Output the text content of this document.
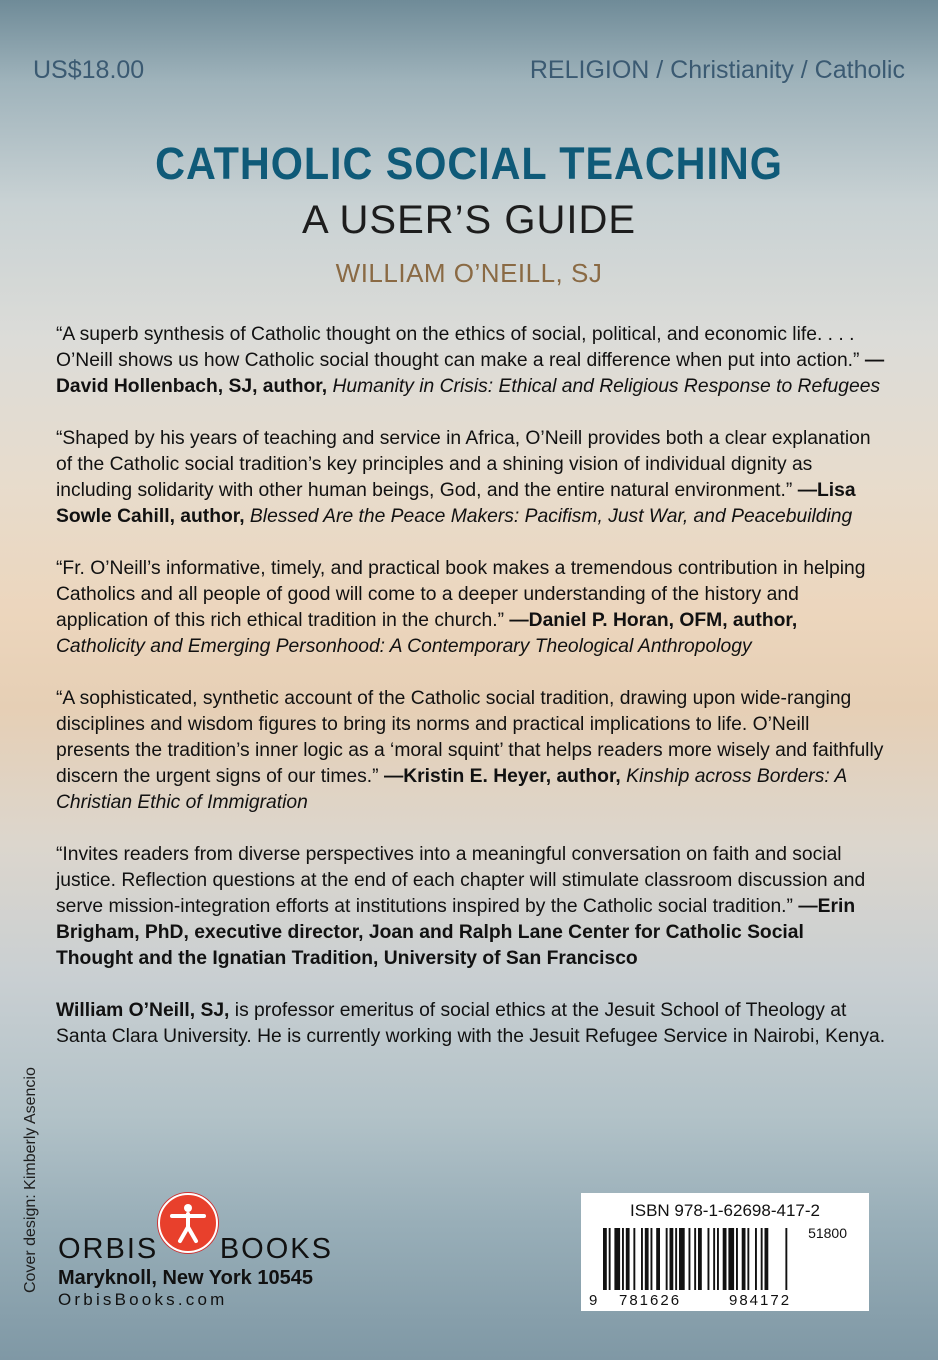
US$18.00	RELIGION / Christianity / Catholic
CATHOLIC SOCIAL TEACHING
A USER’S GUIDE
WILLIAM O’NEILL, SJ

“A superb synthesis of Catholic thought on the ethics of social, political, and economic life. . . . O’Neill shows us how Catholic social thought can make a real difference when put into action.” —David Hollenbach, SJ, author, Humanity in Crisis: Ethical and Religious Response to Refugees

“Shaped by his years of teaching and service in Africa, O’Neill provides both a clear explanation of the Catholic social tradition’s key principles and a shining vision of individual dignity as including solidarity with other human beings, God, and the entire natural environment.” —Lisa Sowle Cahill, author, Blessed Are the Peace Makers: Pacifism, Just War, and Peacebuilding

“Fr. O’Neill’s informative, timely, and practical book makes a tremendous contribution in helping Catholics and all people of good will come to a deeper understanding of the history and application of this rich ethical tradition in the church.” —Daniel P. Horan, OFM, author, Catholicity and Emerging Personhood: A Contemporary Theological Anthropology

“A sophisticated, synthetic account of the Catholic social tradition, drawing upon wide-ranging disciplines and wisdom figures to bring its norms and practical implications to life. O’Neill presents the tradition’s inner logic as a ‘moral squint’ that helps readers more wisely and faithfully discern the urgent signs of our times.” —Kristin E. Heyer, author, Kinship across Borders: A Christian Ethic of Immigration

“Invites readers from diverse perspectives into a meaningful conversation on faith and social justice. Reflection questions at the end of each chapter will stimulate classroom discussion and serve mission-integration efforts at institutions inspired by the Catholic social tradition.” —Erin Brigham, PhD, executive director, Joan and Ralph Lane Center for Catholic Social Thought and the Ignatian Tradition, University of San Francisco

William O’Neill, SJ, is professor emeritus of social ethics at the Jesuit School of Theology at Santa Clara University. He is currently working with the Jesuit Refugee Service in Nairobi, Kenya.

Cover design: Kimberly Asencio ORBIS BOOKS
Maryknoll, New York 10545
OrbisBooks.com
ISBN 978-1-62698-417-2
51800
9 781626	984172
